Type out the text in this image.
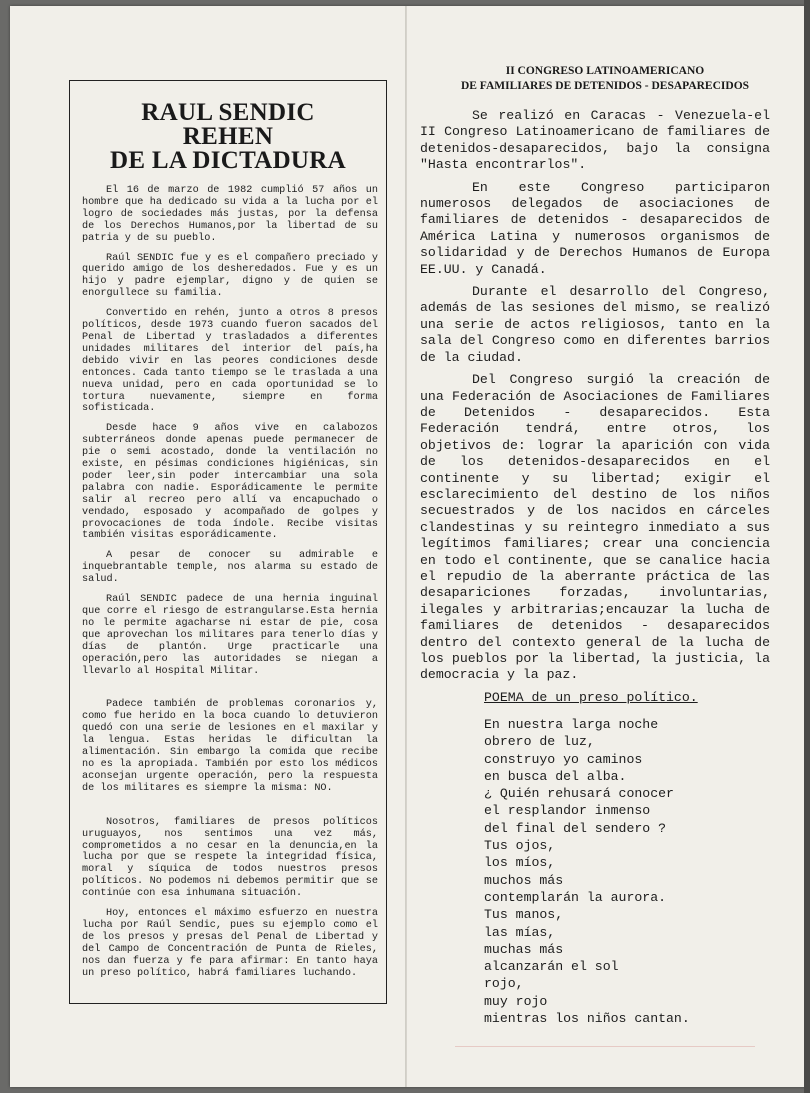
RAUL SENDIC
REHEN
DE LA DICTADURA

El 16 de marzo de 1982 cumplió 57 años un hombre que ha dedicado su vida a la lucha por el logro de sociedades más justas, por la defensa de los Derechos Humanos,por la libertad de su patria y de su pueblo.

Raúl SENDIC fue y es el compañero preciado y querido amigo de los desheredados. Fue y es un hijo y padre ejemplar, digno y de quien se enorgullece su familia.

Convertido en rehén, junto a otros 8 presos políticos, desde 1973 cuando fueron sacados del Penal de Libertad y trasladados a diferentes unidades militares del interior del país,ha debido vivir en las peores condiciones desde entonces. Cada tanto tiempo se le traslada a una nueva unidad, pero en cada oportunidad se lo tortura nuevamente, siempre en forma sofisticada.

Desde hace 9 años vive en calabozos subterráneos donde apenas puede permanecer de pie o semi acostado, donde la ventilación no existe, en pésimas condiciones higiénicas, sin poder leer,sin poder intercambiar una sola palabra con nadie. Esporádicamente le permite salir al recreo pero allí va encapuchado o vendado, esposado y acompañado de golpes y provocaciones de toda índole. Recibe visitas también visitas esporádicamente.

A pesar de conocer su admirable e inquebrantable temple, nos alarma su estado de salud.

Raúl SENDIC padece de una hernia inguinal que corre el riesgo de estrangularse.Esta hernia no le permite agacharse ni estar de pie, cosa que aprovechan los militares para tenerlo días y días de plantón. Urge practicarle una operación,pero las autoridades se niegan a llevarlo al Hospital Militar.

Padece también de problemas coronarios y, como fue herido en la boca cuando lo detuvieron quedó con una serie de lesiones en el maxilar y la lengua. Estas heridas le dificultan la alimentación. Sin embargo la comida que recibe no es la apropiada. También por esto los médicos aconsejan urgente operación, pero la respuesta de los militares es siempre la misma: NO.

Nosotros, familiares de presos políticos uruguayos, nos sentimos una vez más, comprometidos a no cesar en la denuncia,en la lucha por que se respete la integridad física, moral y síquica de todos nuestros presos políticos. No podemos ni debemos permitir que se continúe con esa inhumana situación.

Hoy, entonces el máximo esfuerzo en nuestra lucha por Raúl Sendic, pues su ejemplo como el de los presos y presas del Penal de Libertad y del Campo de Concentración de Punta de Rieles, nos dan fuerza y fe para afirmar: En tanto haya un preso político, habrá familiares luchando.

II CONGRESO LATINOAMERICANO
DE FAMILIARES DE DETENIDOS - DESAPARECIDOS

Se realizó en Caracas - Venezuela-el II Congreso Latinoamericano de familiares de detenidos-desaparecidos, bajo la consigna "Hasta encontrarlos".

En este Congreso participaron numerosos delegados de asociaciones de familiares de detenidos - desaparecidos de América Latina y numerosos organismos de solidaridad y de Derechos Humanos de Europa EE.UU. y Canadá.

Durante el desarrollo del Congreso, además de las sesiones del mismo, se realizó una serie de actos religiosos, tanto en la sala del Congreso como en diferentes barrios de la ciudad.

Del Congreso surgió la creación de una Federación de Asociaciones de Familiares de Detenidos - desaparecidos. Esta Federación tendrá, entre otros, los objetivos de: lograr la aparición con vida de los detenidos-desaparecidos en el continente y su libertad; exigir el esclarecimiento del destino de los niños secuestrados y de los nacidos en cárceles clandestinas y su reintegro inmediato a sus legítimos familiares; crear una conciencia en todo el continente, que se canalice hacia el repudio de la aberrante práctica de las desapariciones forzadas, involuntarias, ilegales y arbitrarias;encauzar la lucha de familiares de detenidos - desaparecidos dentro del contexto general de la lucha de los pueblos por la libertad, la justicia, la democracia y la paz.

POEMA de un preso político.
En nuestra larga noche
obrero de luz,
construyo yo caminos
en busca del alba.
¿ Quién rehusará conocer
el resplandor inmenso
del final del sendero ?
Tus ojos,
los míos,
muchos más
contemplarán la aurora.
Tus manos,
las mías,
muchas más
alcanzarán el sol
rojo,
muy rojo
mientras los niños cantan.
